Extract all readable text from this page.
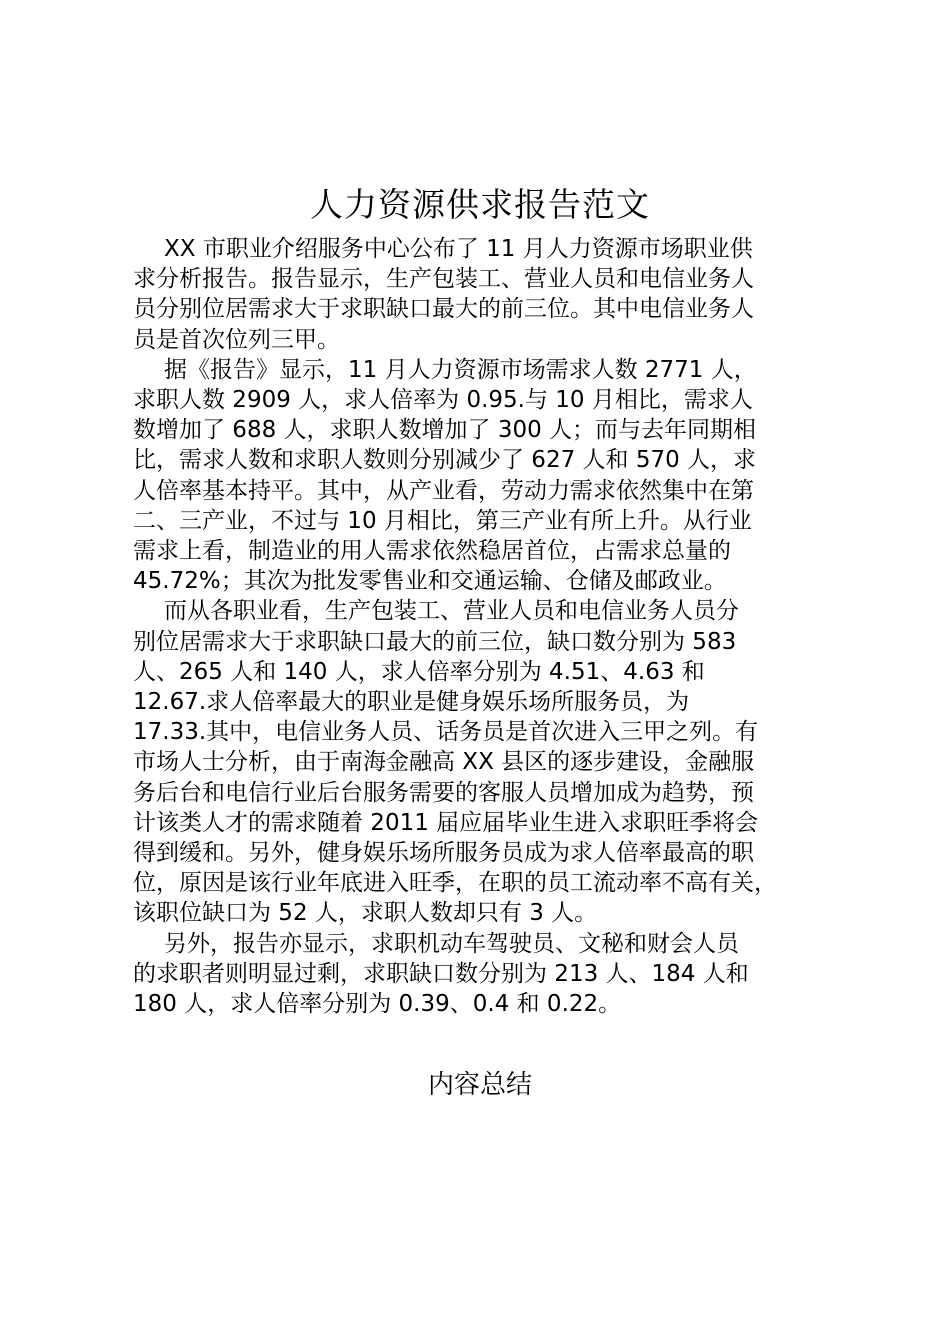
人力资源供求报告范文

XX 市职业介绍服务中心公布了 11 月人力资源市场职业供
求分析报告。报告显示，生产包装工、营业人员和电信业务人
员分别位居需求大于求职缺口最大的前三位。其中电信业务人
员是首次位列三甲。

据《报告》显示，11 月人力资源市场需求人数 2771 人，
求职人数 2909 人，求人倍率为 0.95.与 10 月相比，需求人
数增加了 688 人，求职人数增加了 300 人；而与去年同期相
比，需求人数和求职人数则分别减少了 627 人和 570 人，求
人倍率基本持平。其中，从产业看，劳动力需求依然集中在第
二、三产业，不过与 10 月相比，第三产业有所上升。从行业
需求上看，制造业的用人需求依然稳居首位，占需求总量的
45.72%；其次为批发零售业和交通运输、仓储及邮政业。

而从各职业看，生产包装工、营业人员和电信业务人员分
别位居需求大于求职缺口最大的前三位，缺口数分别为 583
人、265 人和 140 人，求人倍率分别为 4.51、4.63 和
12.67.求人倍率最大的职业是健身娱乐场所服务员，为
17.33.其中，电信业务人员、话务员是首次进入三甲之列。有
市场人士分析，由于南海金融高 XX 县区的逐步建设，金融服
务后台和电信行业后台服务需要的客服人员增加成为趋势，预
计该类人才的需求随着 2011 届应届毕业生进入求职旺季将会
得到缓和。另外，健身娱乐场所服务员成为求人倍率最高的职
位，原因是该行业年底进入旺季，在职的员工流动率不高有关，
该职位缺口为 52 人，求职人数却只有 3 人。

另外，报告亦显示，求职机动车驾驶员、文秘和财会人员
的求职者则明显过剩，求职缺口数分别为 213 人、184 人和
180 人，求人倍率分别为 0.39、0.4 和 0.22。

内容总结
